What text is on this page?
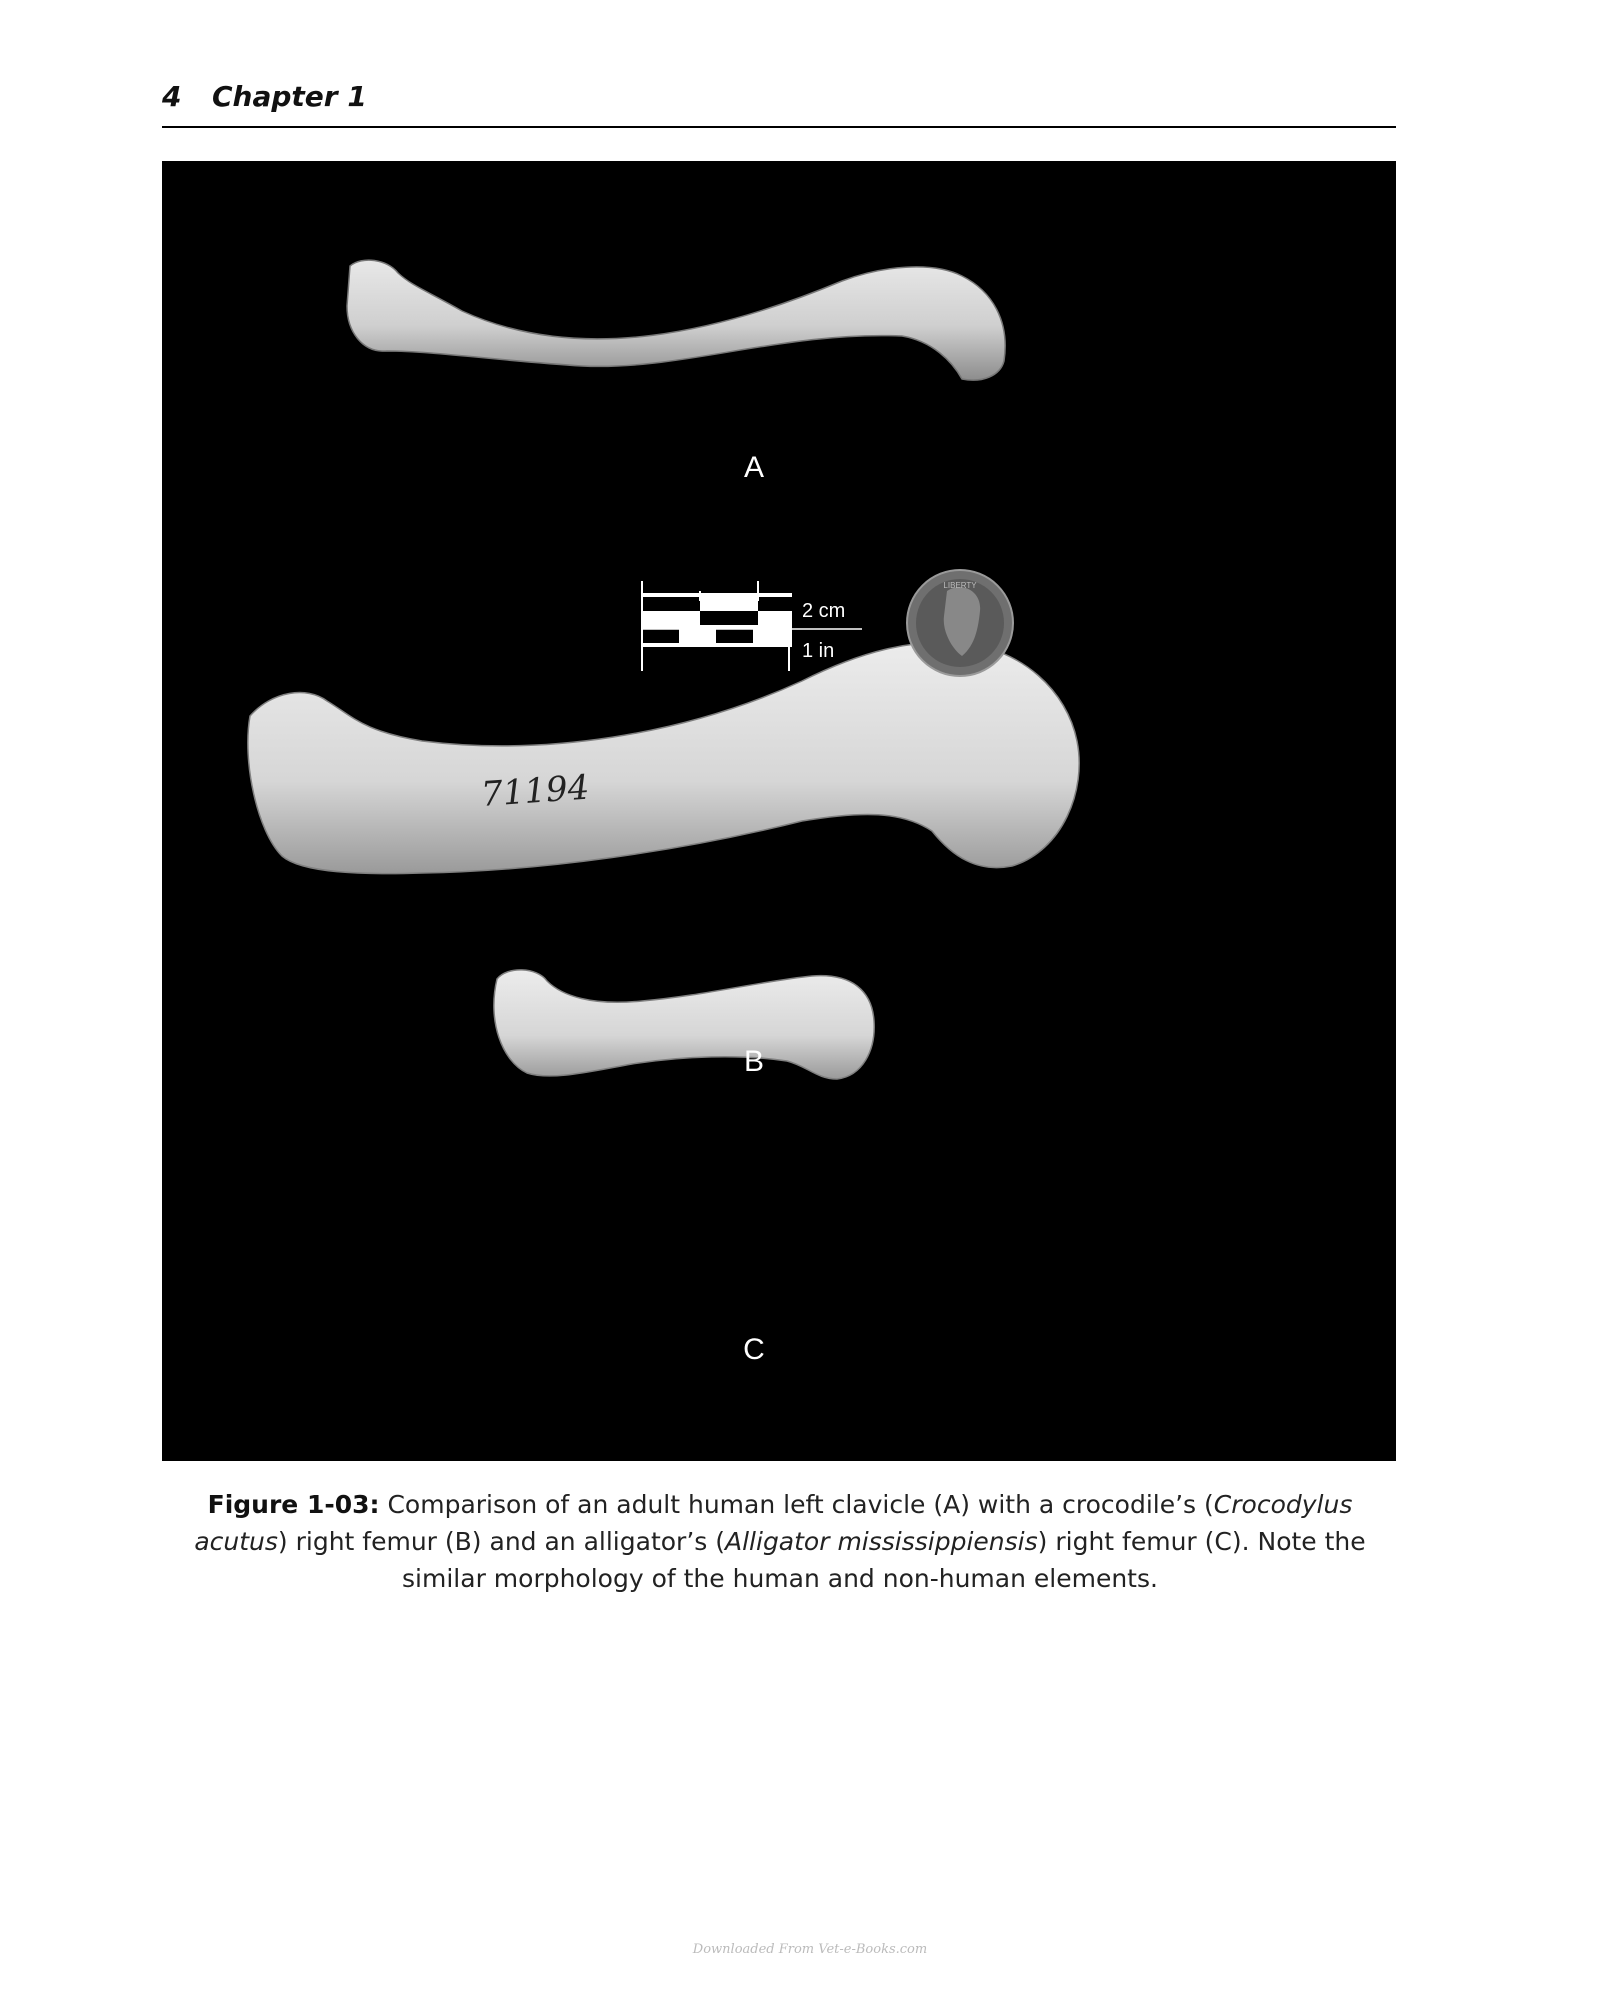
4 Chapter 1
71194
A
B
C
2 cm
1 in
LIBERTY
Figure 1-03: Comparison of an adult human left clavicle (A) with a crocodile’s (Crocodylus acutus) right femur (B) and an alligator’s (Alligator mississippiensis) right femur (C). Note the similar morphology of the human and non-human elements.
Downloaded From Vet-e-Books.com
